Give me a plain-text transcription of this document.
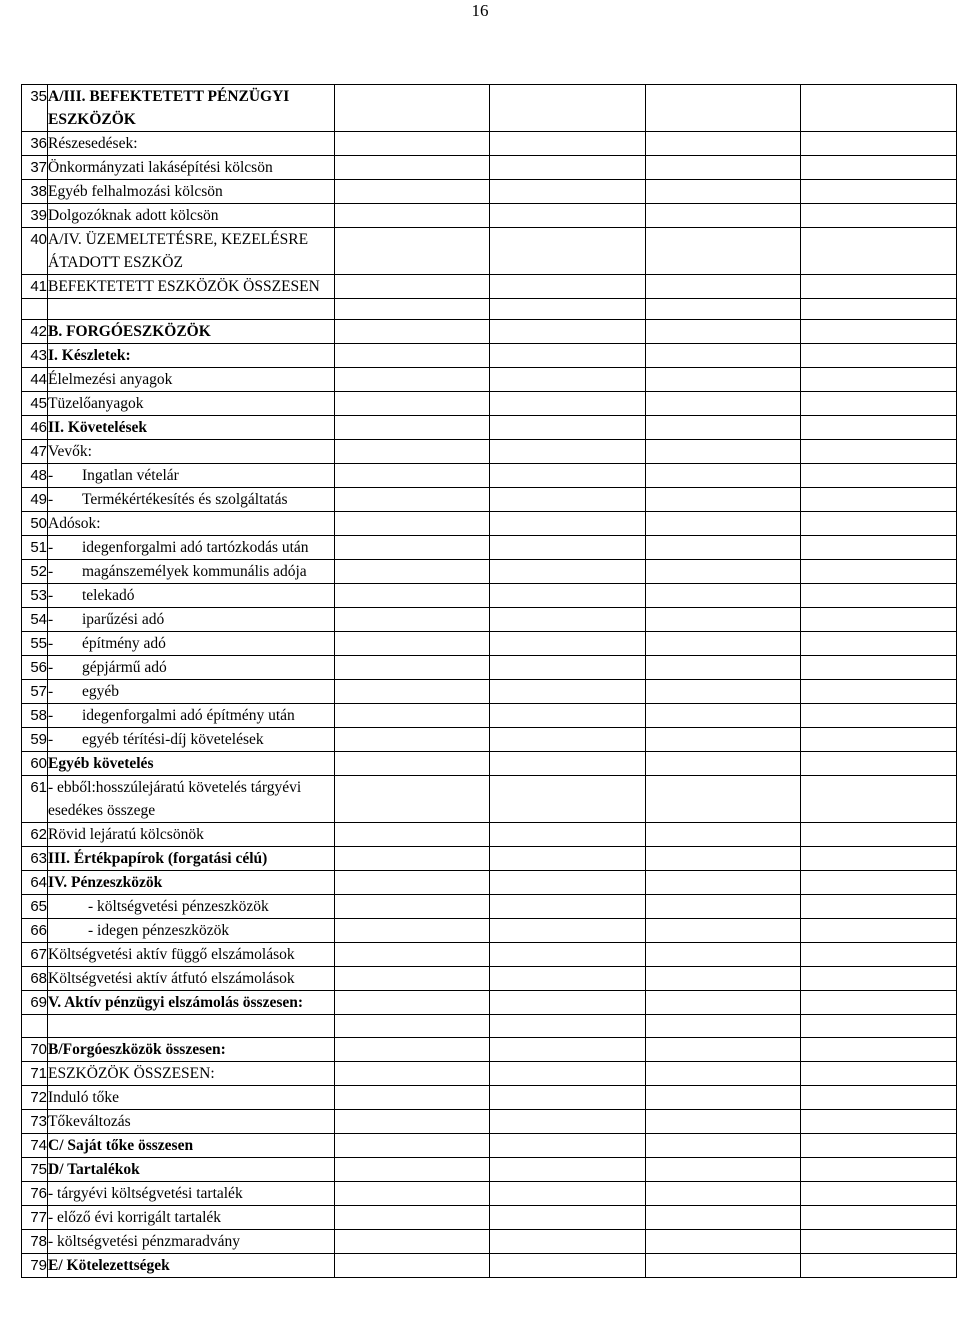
16
35	A/III. BEFEKTETETT PÉNZÜGYI ESZKÖZÖK				
36	Részesedések:				
37	Önkormányzati lakásépítési kölcsön				
38	Egyéb felhalmozási kölcsön				
39	Dolgozóknak adott kölcsön				
40	A/IV. ÜZEMELTETÉSRE, KEZELÉSRE ÁTADOTT ESZKÖZ				
41	BEFEKTETETT ESZKÖZÖK ÖSSZESEN				

42	B. FORGÓESZKÖZÖK				
43	I. Készletek:				
44	Élelmezési anyagok				
45	Tüzelőanyagok				
46	II. Követelések				
47	Vevők:				
48	- Ingatlan vételár				

49	- Termékértékesítés és szolgáltatás				

50	Adósok:				
51	- idegenforgalmi adó tartózkodás után				

52	- magánszemélyek kommunális adója				

53	- telekadó				

54	- iparűzési adó				

55	- építmény adó				

56	- gépjármű adó				

57	- egyéb				

58	- idegenforgalmi adó építmény után				

59	- egyéb térítési-díj követelések				

60	Egyéb követelés				
61	- ebből:hosszúlejáratú követelés tárgyévi esedékes összege				
62	Rövid lejáratú kölcsönök				
63	III. Értékpapírok (forgatási célú)				
64	IV. Pénzeszközök				
65	- költségvetési pénzeszközök				

66	- idegen pénzeszközök				

67	Költségvetési aktív függő elszámolások				
68	Költségvetési aktív átfutó elszámolások				
69	V. Aktív pénzügyi elszámolás összesen:				

70	B/Forgóeszközök összesen:				
71	ESZKÖZÖK ÖSSZESEN:				
72	Induló tőke				
73	Tőkeváltozás				
74	C/ Saját tőke összesen				
75	D/ Tartalékok				
76	- tárgyévi költségvetési tartalék				
77	- előző évi korrigált tartalék				
78	- költségvetési pénzmaradvány				
79	E/ Kötelezettségek				
